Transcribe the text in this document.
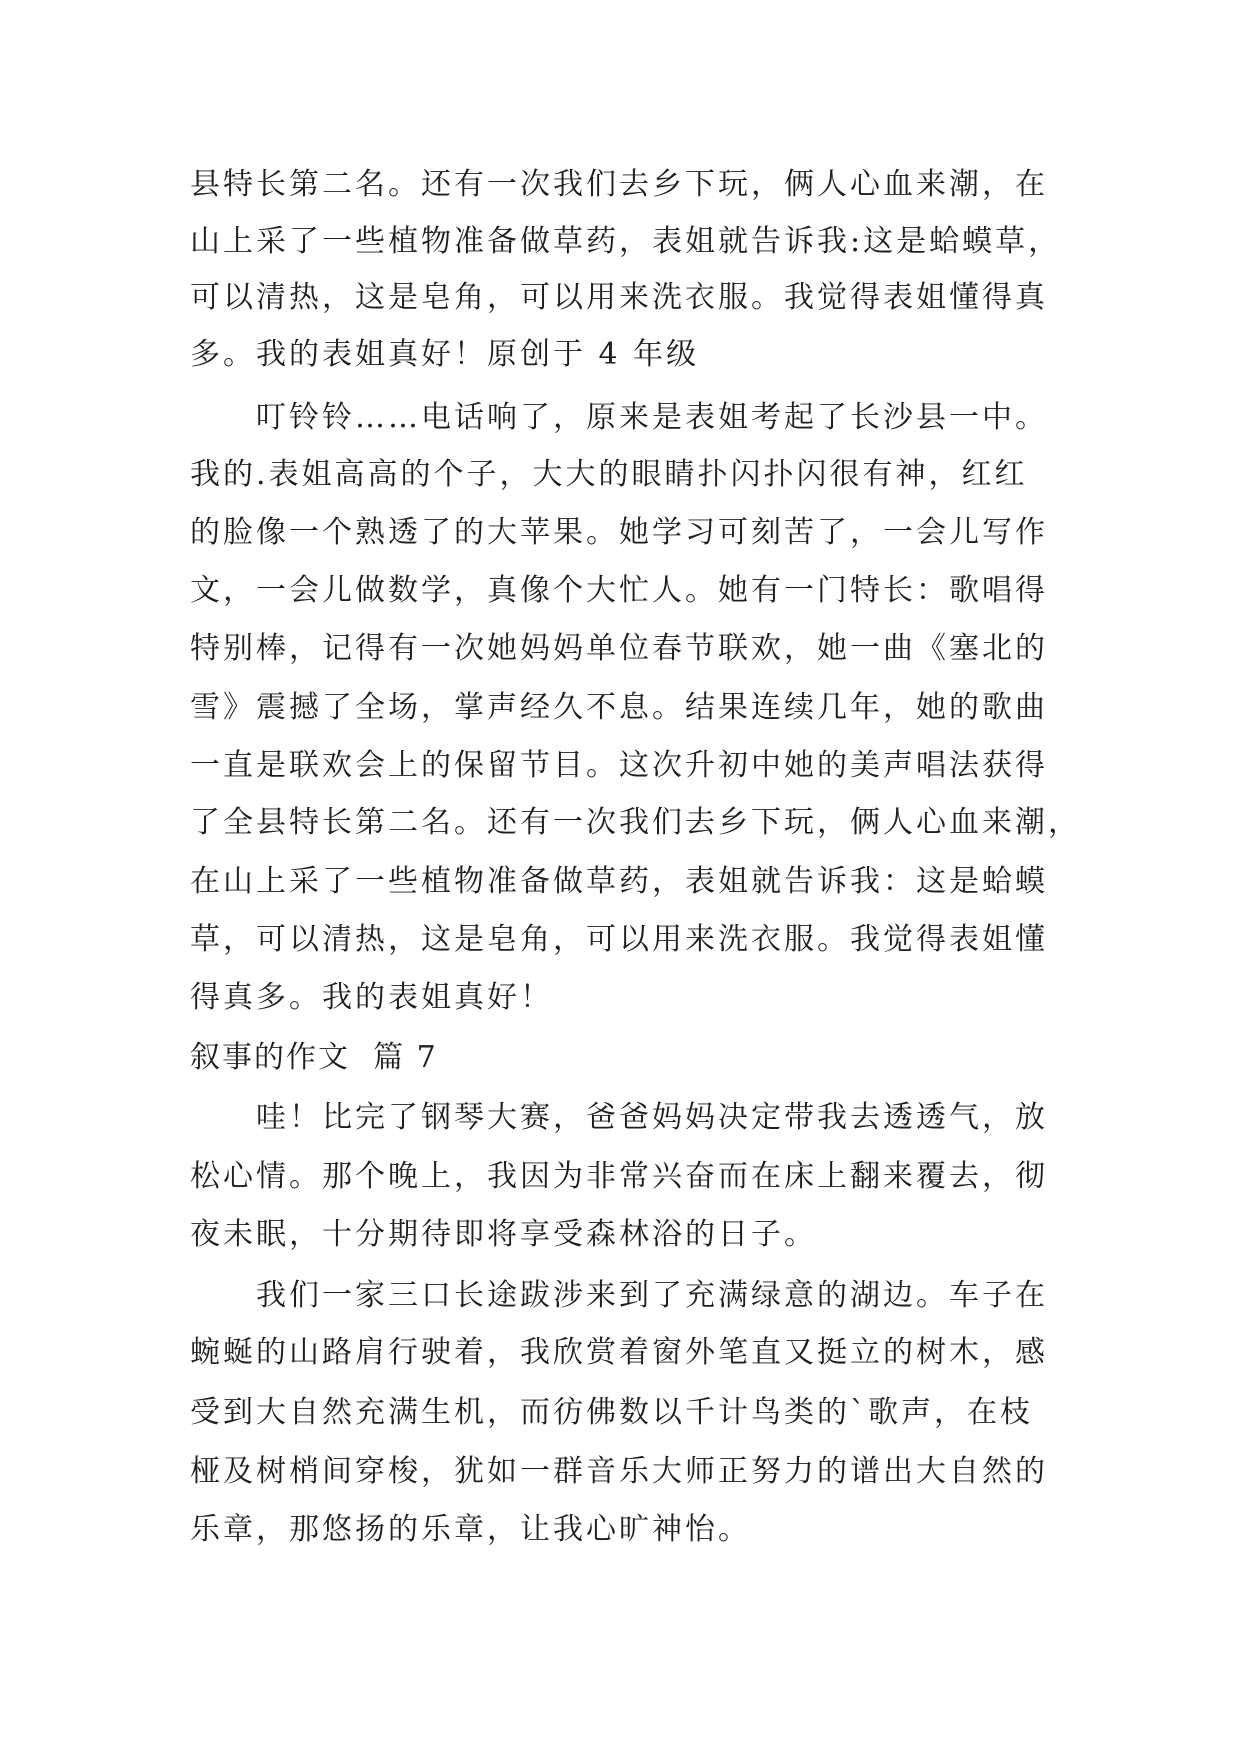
县特长第二名。还有一次我们去乡下玩，俩人心血来潮，在
山上采了一些植物准备做草药，表姐就告诉我:这是蛤蟆草，
可以清热，这是皂角，可以用来洗衣服。我觉得表姐懂得真
多。我的表姐真好！原创于 4 年级
叮铃铃……电话响了，原来是表姐考起了长沙县一中。
我的.表姐高高的个子，大大的眼睛扑闪扑闪很有神，红红
的脸像一个熟透了的大苹果。她学习可刻苦了，一会儿写作
文，一会儿做数学，真像个大忙人。她有一门特长：歌唱得
特别棒，记得有一次她妈妈单位春节联欢，她一曲《塞北的
雪》震撼了全场，掌声经久不息。结果连续几年，她的歌曲
一直是联欢会上的保留节目。这次升初中她的美声唱法获得
了全县特长第二名。还有一次我们去乡下玩，俩人心血来潮，
在山上采了一些植物准备做草药，表姐就告诉我：这是蛤蟆
草，可以清热，这是皂角，可以用来洗衣服。我觉得表姐懂
得真多。我的表姐真好！
叙事的作文  篇 7
哇！比完了钢琴大赛，爸爸妈妈决定带我去透透气，放
松心情。那个晚上，我因为非常兴奋而在床上翻来覆去，彻
夜未眠，十分期待即将享受森林浴的日子。
我们一家三口长途跋涉来到了充满绿意的湖边。车子在
蜿蜒的山路肩行驶着，我欣赏着窗外笔直又挺立的树木，感
受到大自然充满生机，而彷佛数以千计鸟类的`歌声，在枝
桠及树梢间穿梭，犹如一群音乐大师正努力的谱出大自然的
乐章，那悠扬的乐章，让我心旷神怡。
